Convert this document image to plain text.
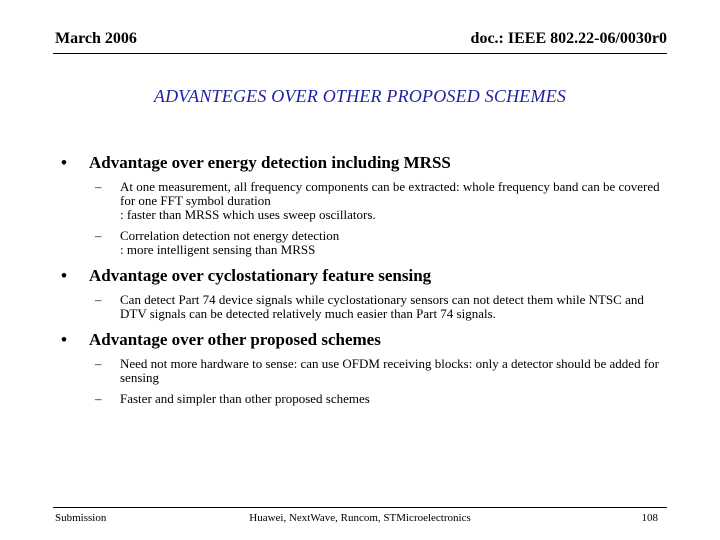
March 2006	doc.: IEEE 802.22-06/0030r0
ADVANTEGES OVER OTHER PROPOSED SCHEMES
• Advantage over energy detection including MRSS
– At one measurement, all frequency components can be extracted: whole frequency band can be covered for one FFT symbol duration

: faster than MRSS which uses sweep oscillators.

– Correlation detection not energy detection

: more intelligent sensing than MRSS

• Advantage over cyclostationary feature sensing
– Can detect Part 74 device signals while cyclostationary sensors can not detect them while NTSC and DTV signals can be detected relatively much easier than Part 74 signals.

• Advantage over other proposed schemes
– Need not more hardware to sense: can use OFDM receiving blocks: only a detector should be added for sensing

– Faster and simpler than other proposed schemes

Submission	Huawei, NextWave, Runcom, STMicroelectronics	108
